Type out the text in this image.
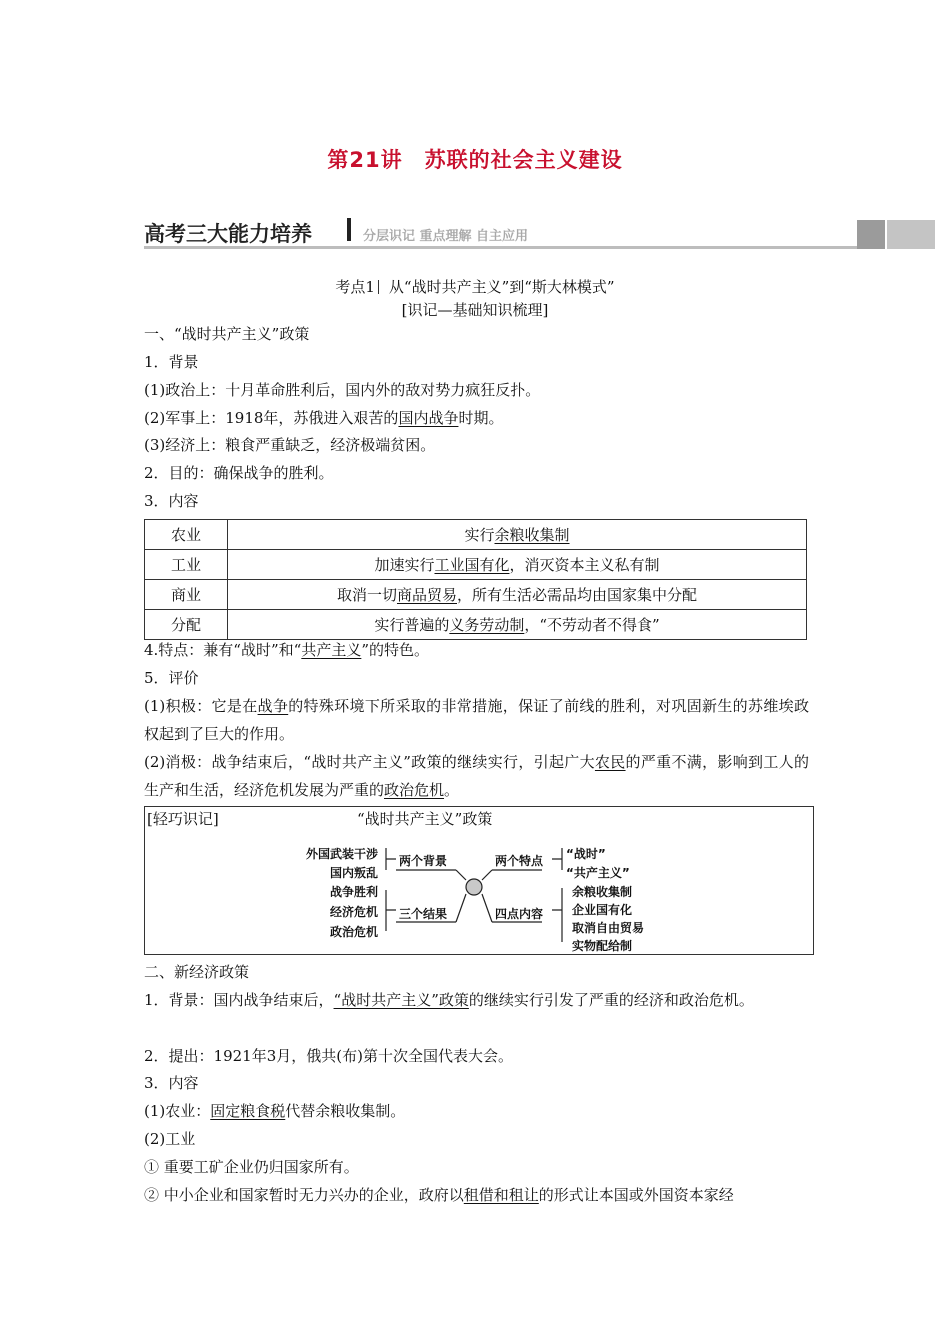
第21讲　苏联的社会主义建设
高考三大能力培养	分层识记 重点理解 自主应用
考点1 从“战时共产主义”到“斯大林模式”
[识记—基础知识梳理]
一、“战时共产主义”政策
1．背景
(1)政治上：十月革命胜利后，国内外的敌对势力疯狂反扑。
(2)军事上：1918年，苏俄进入艰苦的国内战争时期。
(3)经济上：粮食严重缺乏，经济极端贫困。
2．目的：确保战争的胜利。
3．内容
农业	实行余粮收集制
工业	加速实行工业国有化，消灭资本主义私有制
商业	取消一切商品贸易，所有生活必需品均由国家集中分配
分配	实行普遍的义务劳动制，“不劳动者不得食”
4.特点：兼有“战时”和“共产主义”的特色。
5．评价
(1)积极：它是在战争的特殊环境下所采取的非常措施，保证了前线的胜利，对巩固新生的苏维埃政权起到了巨大的作用。
(2)消极：战争结束后，“战时共产主义”政策的继续实行，引起广大农民的严重不满，影响到工人的生产和生活，经济危机发展为严重的政治危机。
[轻巧识记]	“战时共产主义”政策
外国武装干涉
国内叛乱
战争胜利
经济危机
政治危机
两个背景
三个结果
两个特点
四点内容
“战时”
“共产主义”
余粮收集制
企业国有化
取消自由贸易
实物配给制
二、新经济政策
1．背景：国内战争结束后，“战时共产主义”政策的继续实行引发了严重的经济和政治危机。
2．提出：1921年3月，俄共(布)第十次全国代表大会。
3．内容
(1)农业：固定粮食税代替余粮收集制。
(2)工业
① 重要工矿企业仍归国家所有。
② 中小企业和国家暂时无力兴办的企业，政府以租借和租让的形式让本国或外国资本家经
